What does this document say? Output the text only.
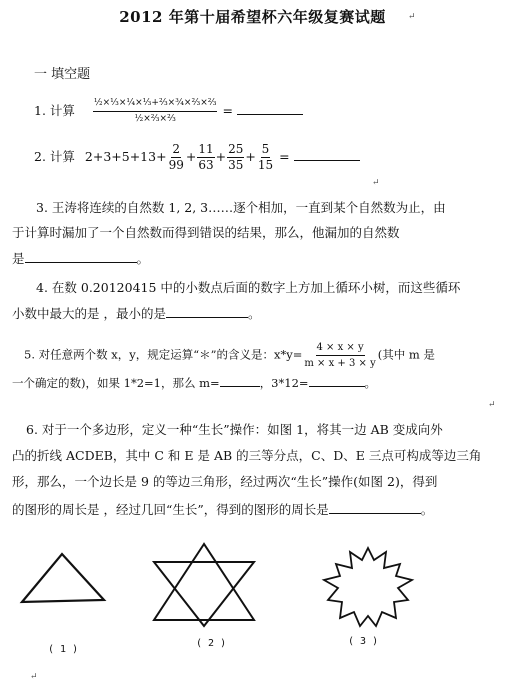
2012 年第十届希望杯六年级复赛试题	↵
一 填空题
1. 计算 $\frac{\text{½×⅓×¼×⅓+⅔×¾×⅔×⅔}}{\text{½×⅔×⅔}}$ =
2. 计算 $2+3+5+13+ \frac{2}{99} + \frac{11}{63} + \frac{25}{35} + \frac{5}{15}$ =
↵
3. 王涛将连续的自然数 1, 2, 3……逐个相加，一直到某个自然数为止，由
于计算时漏加了一个自然数而得到错误的结果，那么，他漏加的自然数
是	。
4. 在数 0.20120415 中的小数点后面的数字上方加上循环小树，而这些循环
小数中最大的是 ，最小的是	。
5. 对任意两个数 x，y，规定运算“＊”的含义是：$x*y= \frac{4 \times x \times y}{m \times x + 3 \times y}$ (其中 m 是
一个确定的数)，如果 1*2=1，那么 m=	，3*12=	。
↵
6. 对于一个多边形，定义一种“生长”操作：如图 1，将其一边 AB 变成向外
凸的折线 ACDEB，其中 C 和 E 是 AB 的三等分点，C、D、E 三点可构成等边三角
形，那么，一个边长是 9 的等边三角形，经过两次“生长”操作(如图 2)，得到
的图形的周长是 ，经过几回“生长”，得到的图形的周长是	。
( 1 )
( 2 )	( 3 )
↵
